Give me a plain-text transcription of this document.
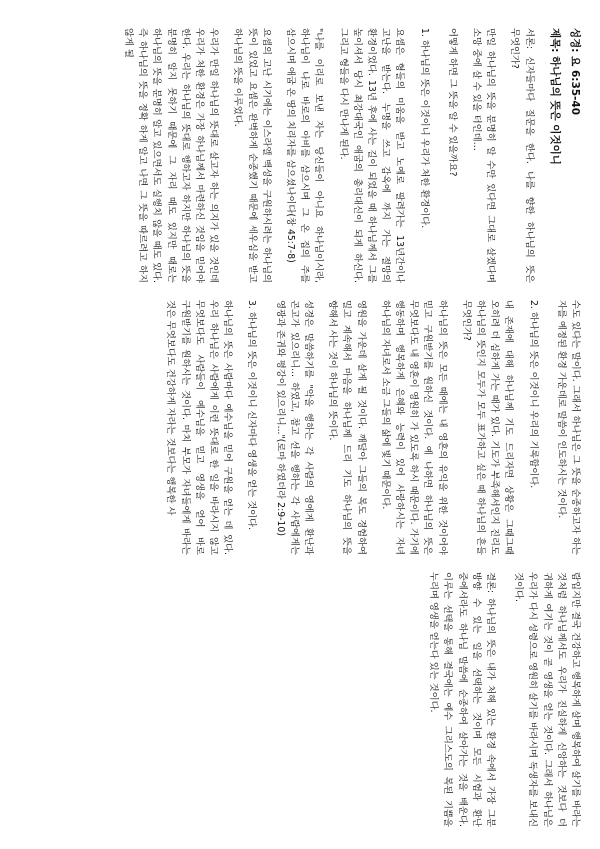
성경: 요 6:35-40
제목: 하나님의 뜻은 이것이니

서론: 신자들마다 질문을 한다. 나를 향한 하나님의 뜻은 무엇인가?

만일 하나님의 뜻을 분명히 알 수만 있다면 그대로 살겠다며 소망 중에 살 수 있을 터인데…

어떻게 하면 그 뜻을 알 수 있을까요?

1. 하나님의 뜻은 이것이니 우리가 처한 환경이다.

요셉은 형들의 미움을 받고 노예로 팔려가는 13년간이나 고난을 받는다. 누명을 쓰고 감옥에 까지 가는 절망의 환경이었다. 13년 후에 사는 길이 되었을 때 하나님께서 그를 높이셔서 당시 최강대국인 애굽의 총리대신이 되게 하신다. 그리고 형들을 다시 만나게 된다.

"나를 이리로 보낸 자는 당신들이 아니요 하나님이시라, 하나님이 나로 바로의 아비를 삼으시며 그 온 집의 주를 삼으시며 애굽 온 땅의 치리자를 삼으셨나이다(창 45:7-8)

요셉의 고난 시기에는 이스라엘 백성을 구원하시려는 하나님의 뜻이 있었고 요셉은 완벽하게 순종했기 때문에 세우심을 받고 하나님의 뜻을 이루었다.

우리가 만일 하나님의 뜻대로 살고자 하는 의지가 있을 것인데 우리가 처한 환경은 가장 하나님께서 마련하신 것임을 믿어야 한다. 우리는 하나님의 뜻대로 행하고자 하지만 하나님의 뜻을 분명히 알지 못하기 때문에 그 자리 때도 있지만 때로는 하나님의 뜻을 분명히 알고 있으면서도 실행치 않을 때도 있다. 즉 하나님의 뜻을 정확 하게 알고 나면 그 뜻을 따르려고 하지 않게 될

수도 있다는 말이다. 그래서 하나님은 그 뜻을 순종하고자 하는 자를 예정된 환경 가운데로 말씀이 인도하시는 것이다.

2. 하나님의 뜻은 이것이니 우리의 기록함이다.

내 존재에 대해 하나님께 기도 드리자면 상황은 그때그때 오히려 더 심하게 가는 때가 있다. 기도가 부족해서인지 진리도 하나님의 뜻인지 모두가 모두 표가하고 싶은 때 하나님의 흔들 무엇인가?

하나님의 뜻은 모든 때에는 내 영혼의 유익을 위한 것이어야 믿고 구원받기를 원하신 것이다. 예 나하면 하나님의 뜻은 무엇보다도 내 영혼이 영원히 가 있도록 하시 때문이다. 가기에 행동하며 행복하게 은혜와 능력이 있어 사랑하시는 자녀 하나님의 자녀로서 소금 그들의 삶에 빛기 때문이다.

영원을 가운데 살게 될 것이다. 깨달아 그들의 복도 경험하여 밀고 계속해서 마음을 하나님께 드리 기도 하나님의 뜻을 향해서 사는 것이 하나님의 뜻이다.

성경은 말씀하기를 "악을 행하는 각 사람의 영에게 환난과 곤고가 있으리니... 하였고, 참고 선을 행하는 각 사람에게는 영광과 존귀와 평강이 있으리니..."(로마 하였더라 2:9-10)

3. 하나님의 뜻은 이것이니 신자마다 영생을 얻는 것이다.

하나님의 뜻은 사람마다 예수님을 믿어 구원을 얻는 데 있다. 우리 하나님은 사람에게 이런 뜻대로 한 일을 바라시지 않고 무엇보다도 사람들이 예수님을 믿고 영생을 얻어 바로 구원받기를 원하시는 것이다. 마치 부모가 자녀들에게 바라는 것은 무엇보다도 건강하게 자라는 것보다는 행복한 사

람입지만 결국 건강하고 행복하게 살며 행복하여 살기를 바라는 것처럼 하나님께서도 우리가 진실하게 신앙하는 것보다 더 귀하게 여기는 것이 곧 영생을 얻는 것이다. 그래서 하나님은 우리가 다시 성령으로 영원히 살기를 바라시며 독생자를 보내신 것이다.

결론: 하나님의 뜻은 내가 처해 있는 환경 속에서 가장 그분 방향 수 있는 일을 선택하는 것이며 모든 시험과 환난 중에서라도 하나님 말씀에 순종하여 살아가는 것을 배운다. 이루는 선택을 통해 결국에는 예수 그리스도의 복된 기쁨을 누리며 영생을 얻는다 있는 것이다.
